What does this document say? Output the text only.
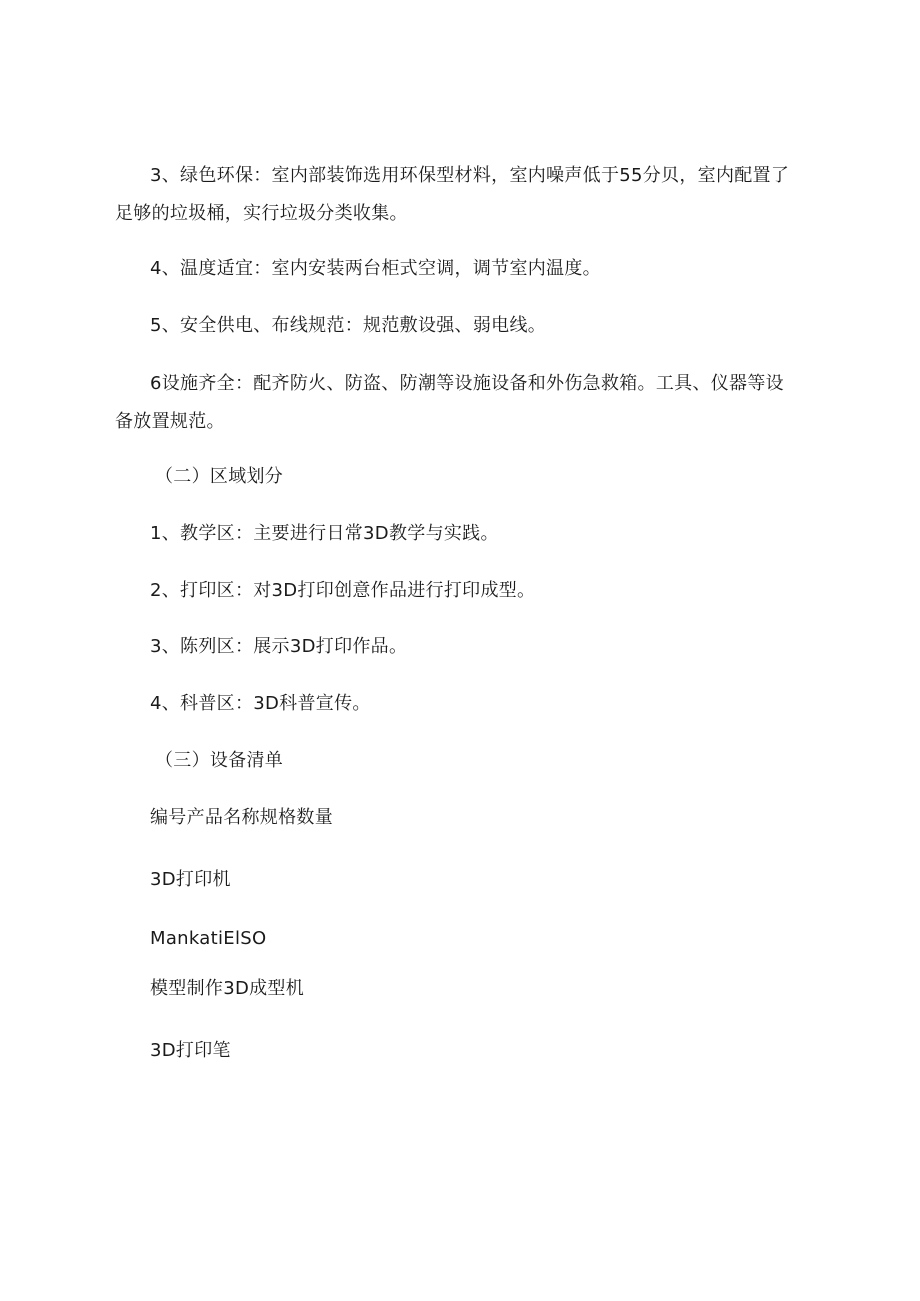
3、绿色环保：室内部装饰选用环保型材料，室内噪声低于55分贝，室内配置了
足够的垃圾桶，实行垃圾分类收集。

4、温度适宜：室内安装两台柜式空调，调节室内温度。

5、安全供电、布线规范：规范敷设强、弱电线。

6设施齐全：配齐防火、防盗、防潮等设施设备和外伤急救箱。工具、仪器等设
备放置规范。

（二）区域划分

1、教学区：主要进行日常3D教学与实践。

2、打印区：对3D打印创意作品进行打印成型。

3、陈列区：展示3D打印作品。

4、科普区：3D科普宣传。

（三）设备清单

编号产品名称规格数量

3D打印机

MankatiElSO

模型制作3D成型机

3D打印笔
